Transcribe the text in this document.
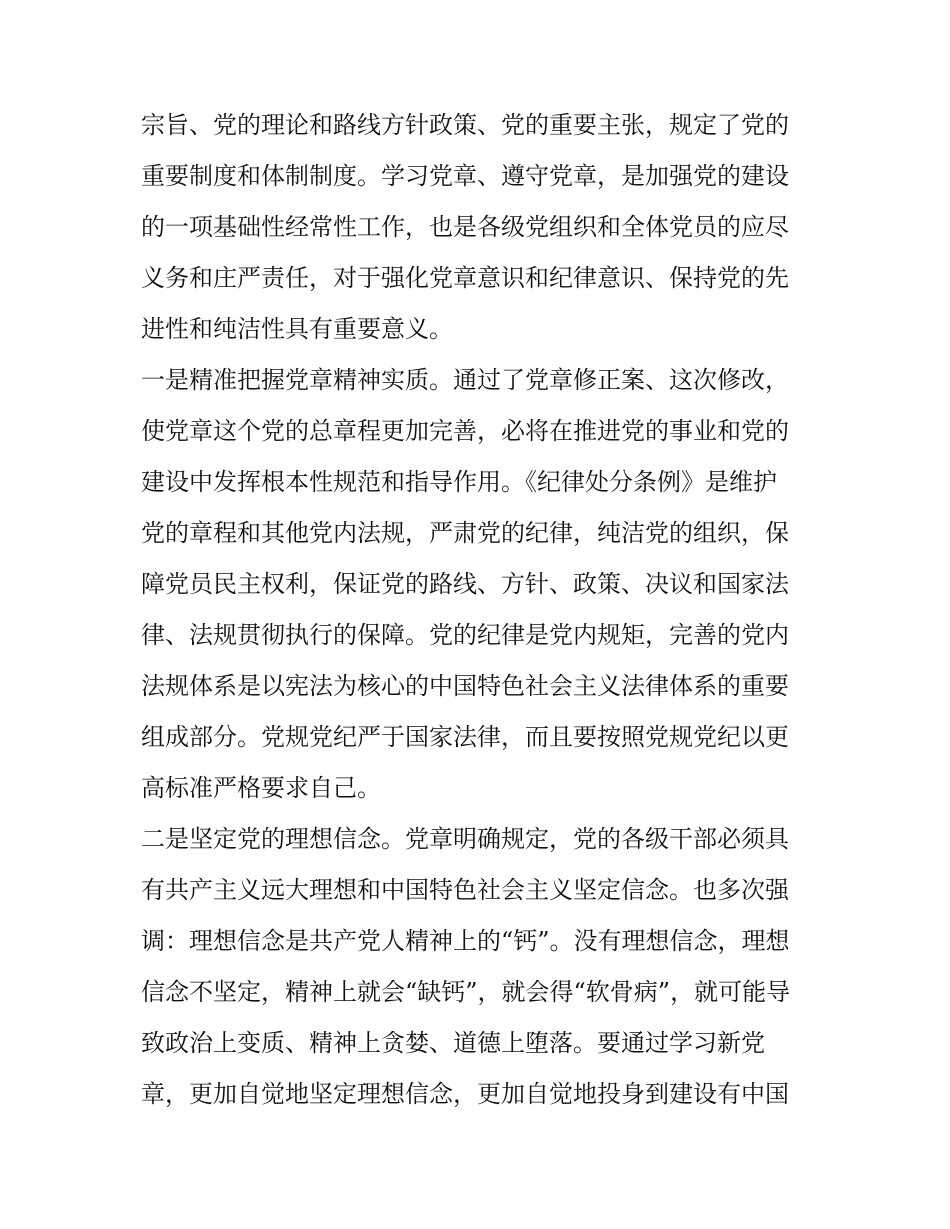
宗旨、党的理论和路线方针政策、党的重要主张，规定了党的

重要制度和体制制度。学习党章、遵守党章，是加强党的建设

的一项基础性经常性工作，也是各级党组织和全体党员的应尽

义务和庄严责任，对于强化党章意识和纪律意识、保持党的先

进性和纯洁性具有重要意义。

一是精准把握党章精神实质。通过了党章修正案、这次修改，

使党章这个党的总章程更加完善，必将在推进党的事业和党的

建设中发挥根本性规范和指导作用。《纪律处分条例》是维护

党的章程和其他党内法规，严肃党的纪律，纯洁党的组织，保

障党员民主权利，保证党的路线、方针、政策、决议和国家法

律、法规贯彻执行的保障。党的纪律是党内规矩，完善的党内

法规体系是以宪法为核心的中国特色社会主义法律体系的重要

组成部分。党规党纪严于国家法律，而且要按照党规党纪以更

高标准严格要求自己。

二是坚定党的理想信念。党章明确规定，党的各级干部必须具

有共产主义远大理想和中国特色社会主义坚定信念。也多次强

调：理想信念是共产党人精神上的“钙”。没有理想信念，理想

信念不坚定，精神上就会“缺钙”，就会得“软骨病”，就可能导

致政治上变质、精神上贪婪、道德上堕落。要通过学习新党

章，更加自觉地坚定理想信念，更加自觉地投身到建设有中国
